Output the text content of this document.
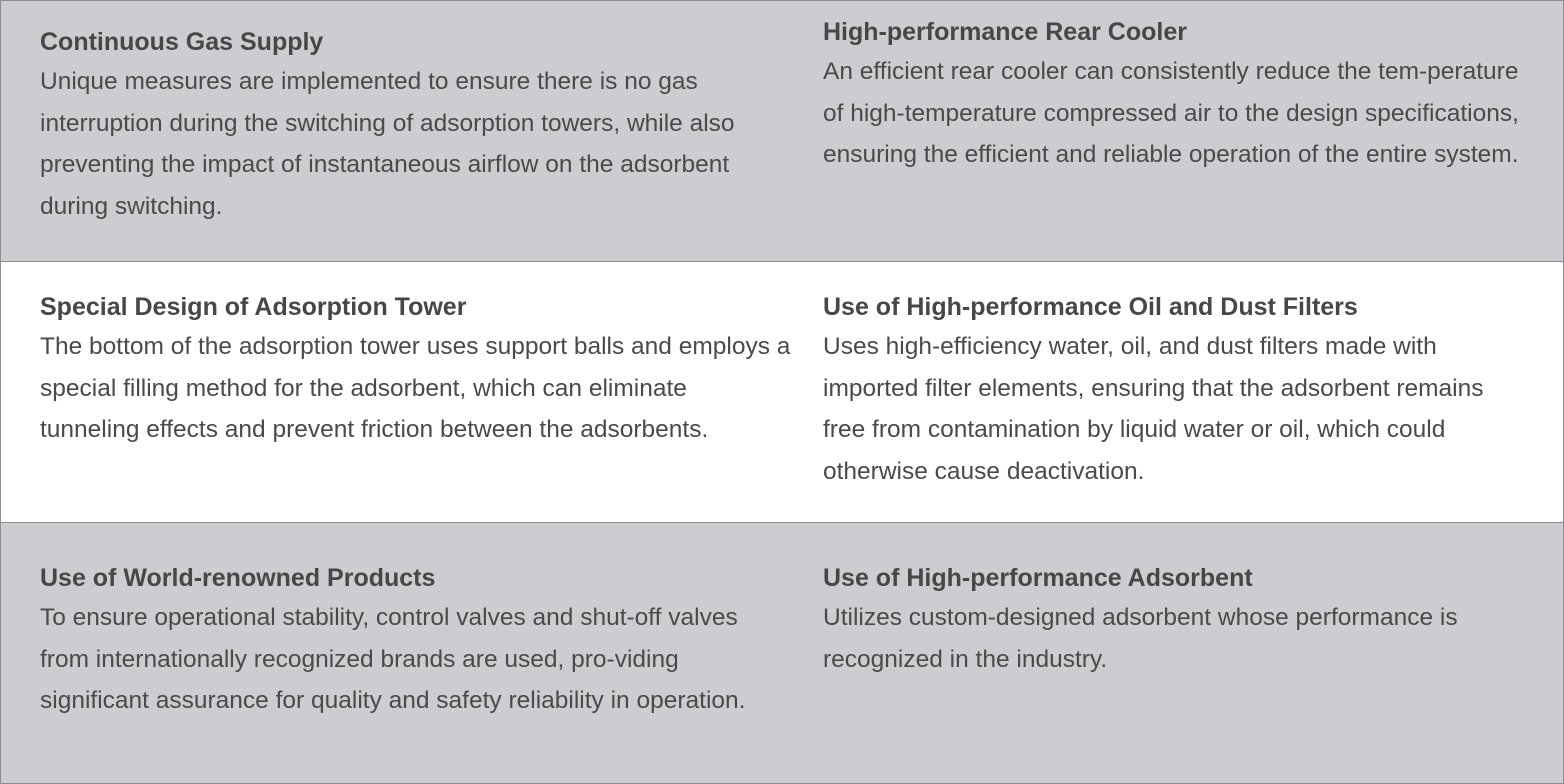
Continuous Gas Supply

Unique measures are implemented to ensure there is no gas interruption during the switching of adsorption towers, while also preventing the impact of instantaneous airflow on the adsorbent during switching.

High-performance Rear Cooler

An efficient rear cooler can consistently reduce the tem-perature of high-temperature compressed air to the design specifications, ensuring the efficient and reliable operation of the entire system.

Special Design of Adsorption Tower

The bottom of the adsorption tower uses support balls and employs a special filling method for the adsorbent, which can eliminate tunneling effects and prevent friction between the adsorbents.

Use of High-performance Oil and Dust Filters

Uses high-efficiency water, oil, and dust filters made with imported filter elements, ensuring that the adsorbent remains free from contamination by liquid water or oil, which could otherwise cause deactivation.

Use of World-renowned Products

To ensure operational stability, control valves and shut-off valves from internationally recognized brands are used, pro-viding significant assurance for quality and safety reliability in operation.

Use of High-performance Adsorbent

Utilizes custom-designed adsorbent whose performance is recognized in the industry.
